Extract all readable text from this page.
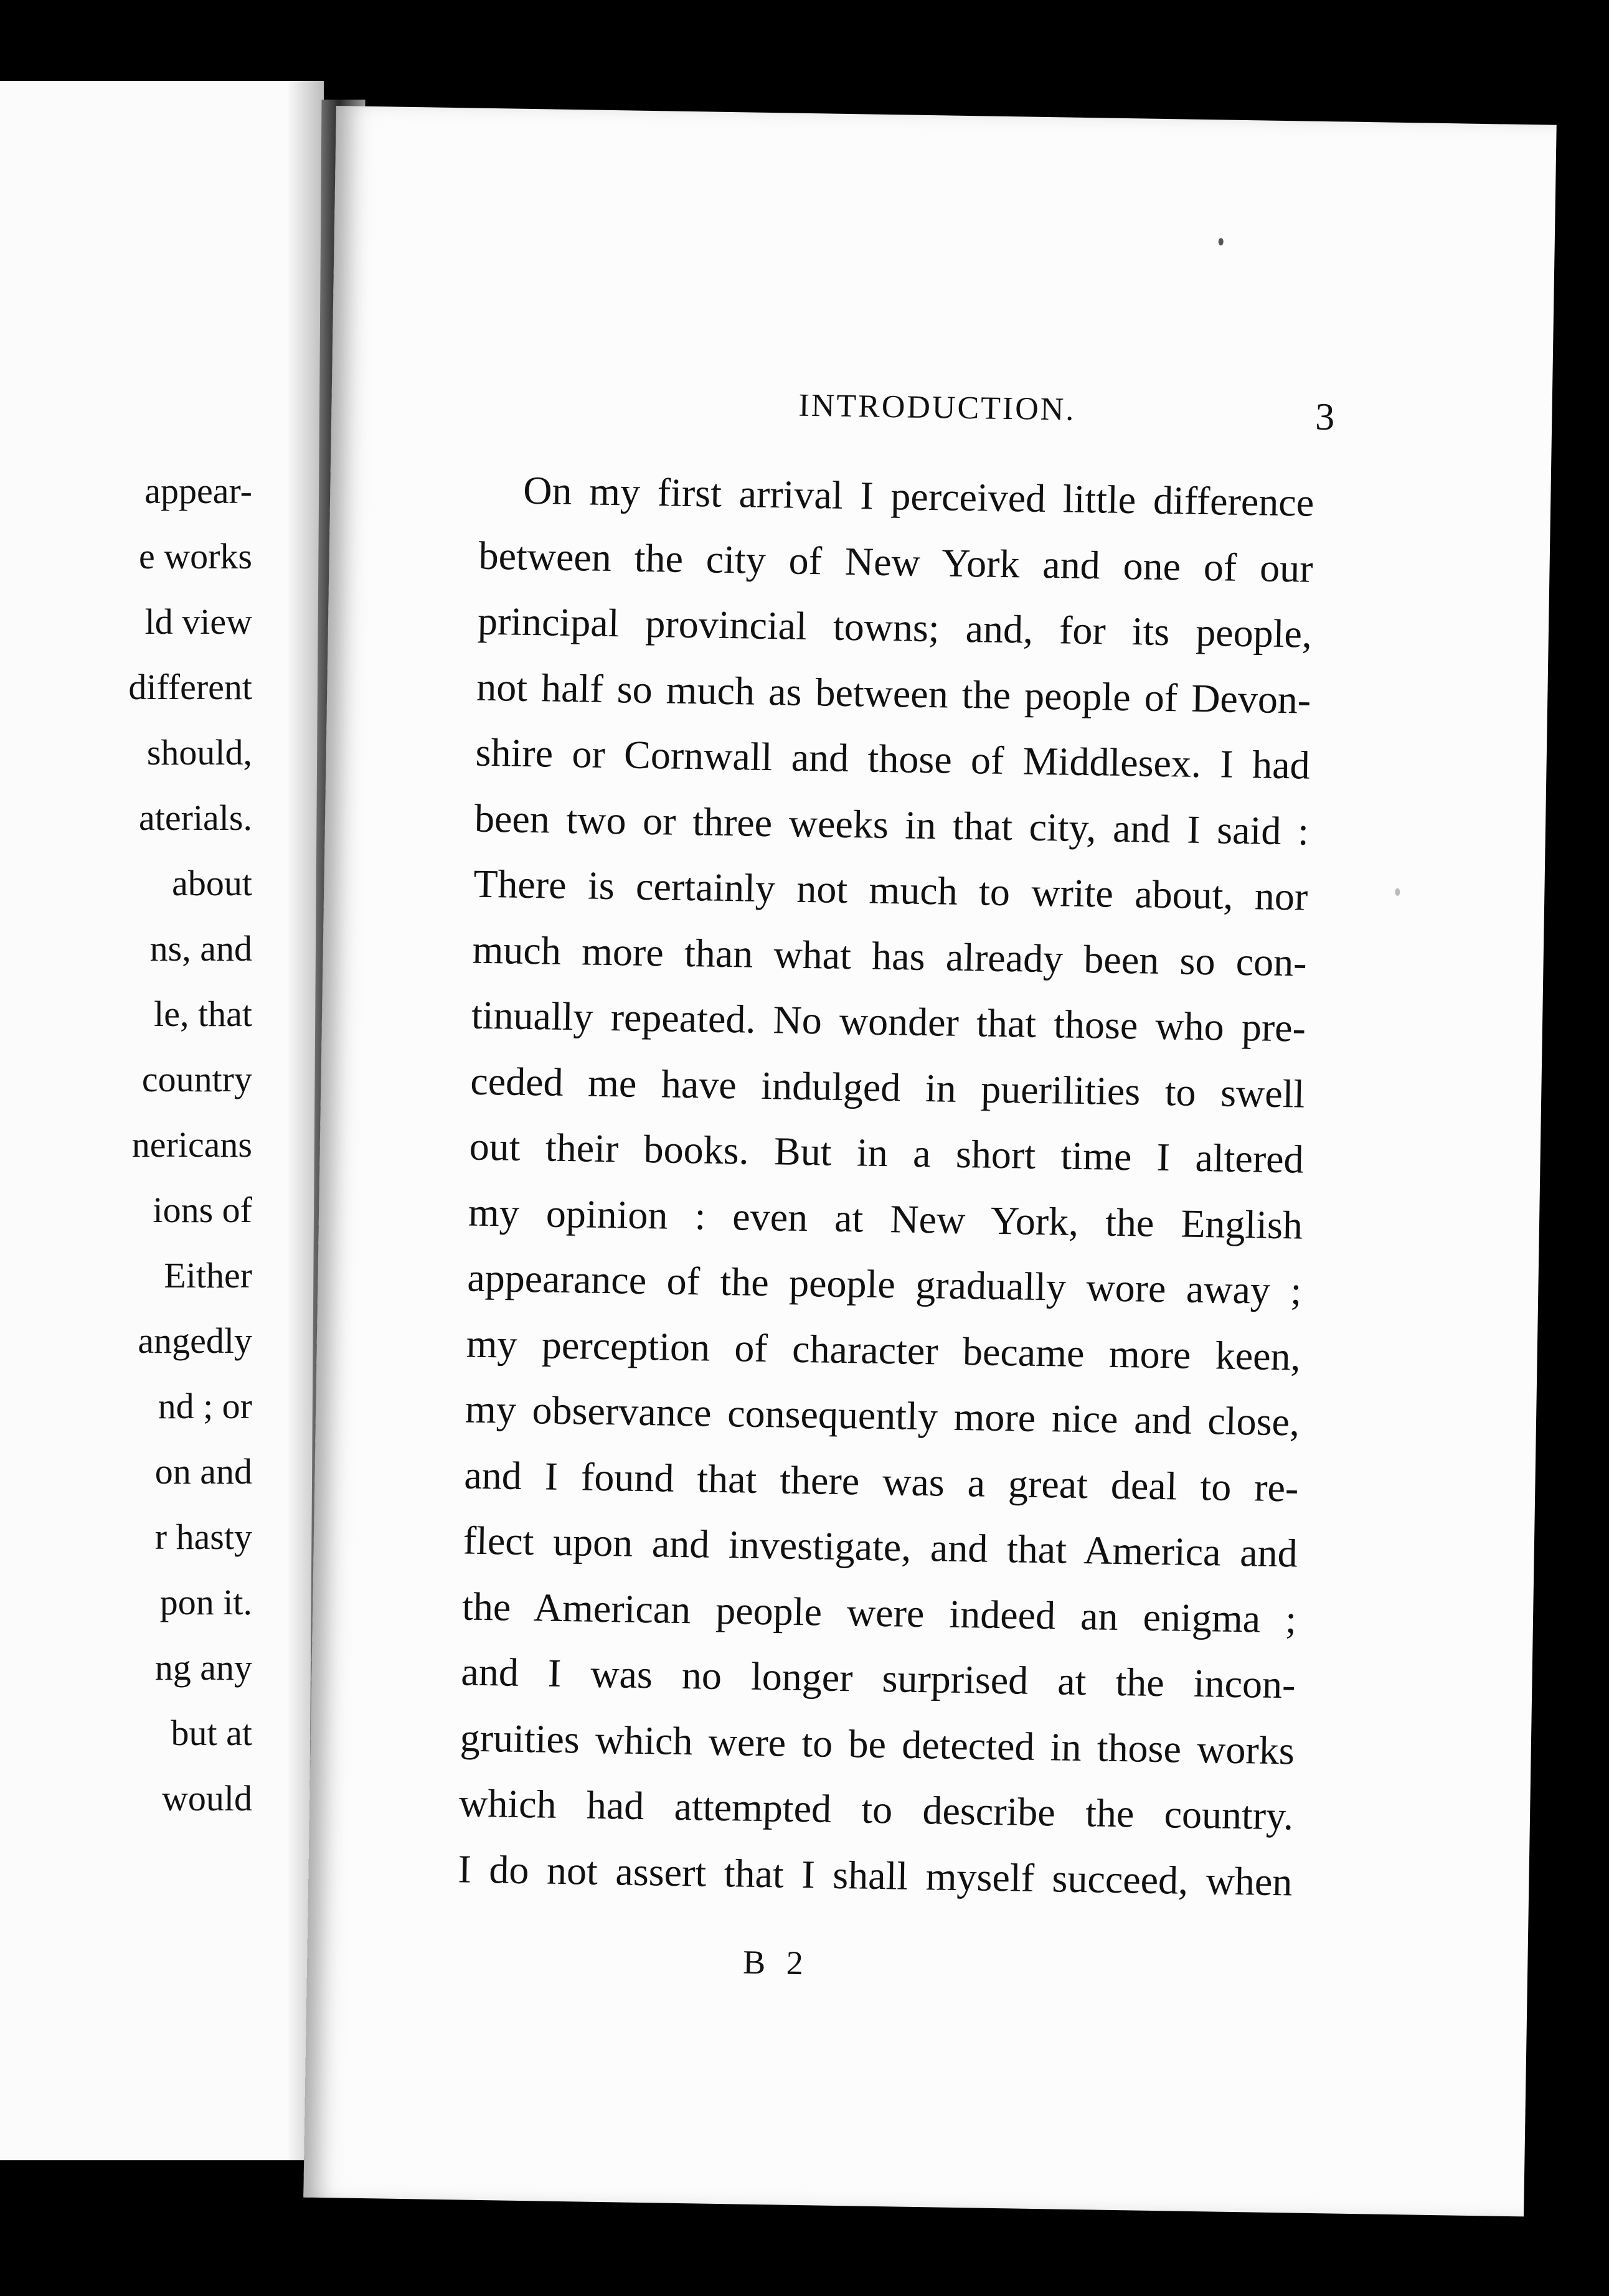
appear-
e works
ld view
different
should,
aterials.
about
ns, and
le, that
country
nericans
ions of
Either
angedly
nd ; or
on and
r hasty
pon it.
ng any
but at
would
INTRODUCTION.	3
On my first arrival I perceived little difference
between the city of New York and one of our
principal provincial towns; and, for its people,
not half so much as between the people of Devon-
shire or Cornwall and those of Middlesex. I had
been two or three weeks in that city, and I said :
There is certainly not much to write about, nor
much more than what has already been so con-
tinually repeated. No wonder that those who pre-
ceded me have indulged in puerilities to swell
out their books. But in a short time I altered
my opinion : even at New York, the English
appearance of the people gradually wore away ;
my perception of character became more keen,
my observance consequently more nice and close,
and I found that there was a great deal to re-
flect upon and investigate, and that America and
the American people were indeed an enigma ;
and I was no longer surprised at the incon-
gruities which were to be detected in those works
which had attempted to describe the country.
I do not assert that I shall myself succeed, when
B 2
